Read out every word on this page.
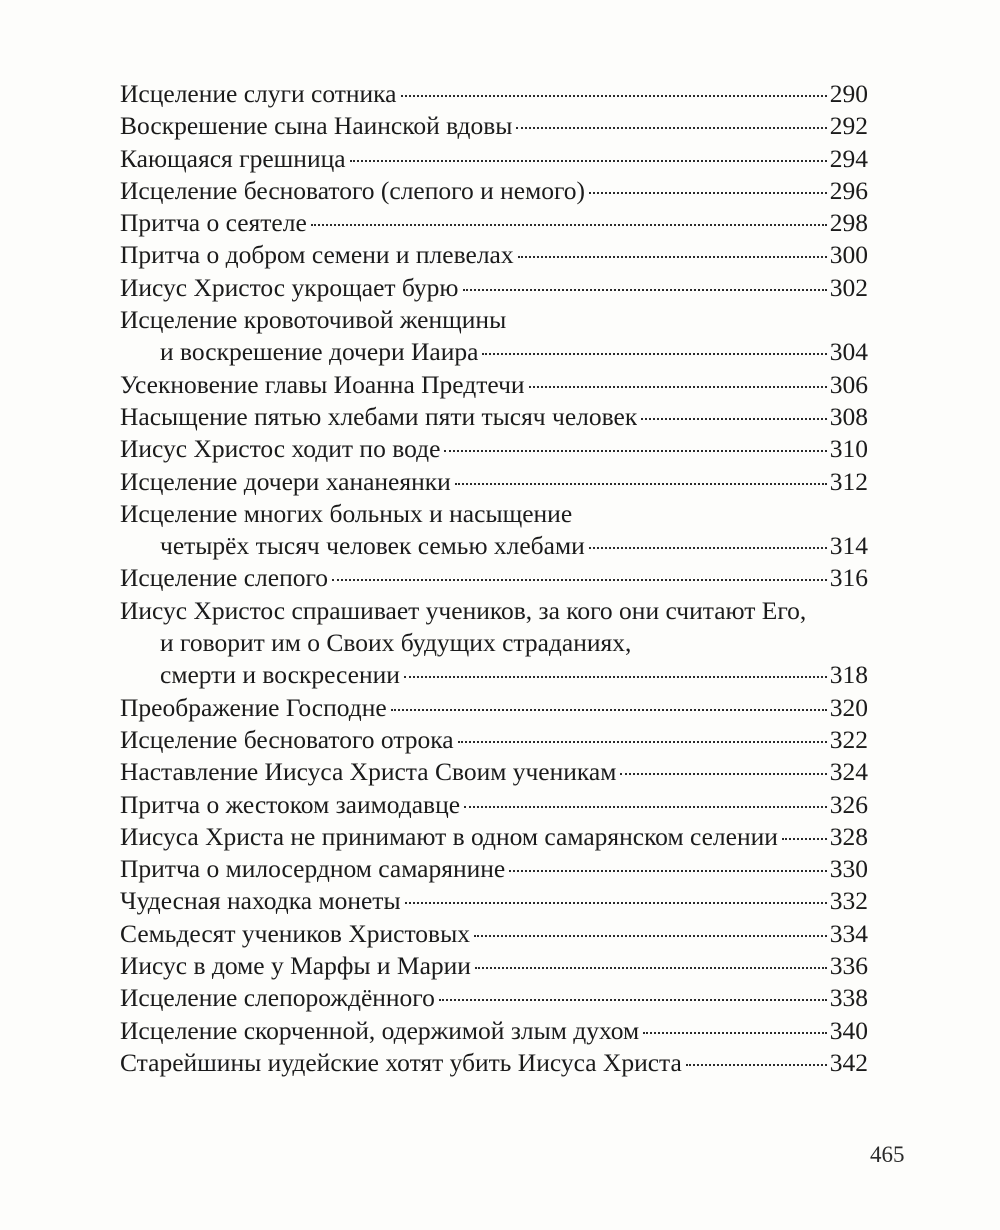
Исцеление слуги сотника	290
Воскрешение сына Наинской вдовы	292
Кающаяся грешница	294
Исцеление бесноватого (слепого и немого)	296
Притча о сеятеле	298
Притча о добром семени и плевелах	300
Иисус Христос укрощает бурю	302
Исцеление кровоточивой женщины
и воскрешение дочери Иаира	304
Усекновение главы Иоанна Предтечи	306
Насыщение пятью хлебами пяти тысяч человек	308
Иисус Христос ходит по воде	310
Исцеление дочери хананеянки	312
Исцеление многих больных и насыщение
четырёх тысяч человек семью хлебами	314
Исцеление слепого	316
Иисус Христос спрашивает учеников, за кого они считают Его,
и говорит им о Своих будущих страданиях,
смерти и воскресении	318
Преображение Господне	320
Исцеление бесноватого отрока	322
Наставление Иисуса Христа Своим ученикам	324
Притча о жестоком заимодавце	326
Иисуса Христа не принимают в одном самарянском селении 328
Притча о милосердном самарянине	330
Чудесная находка монеты	332
Семьдесят учеников Христовых	334
Иисус в доме у Марфы и Марии	336
Исцеление слепорождённого	338
Исцеление скорченной, одержимой злым духом	340
Старейшины иудейские хотят убить Иисуса Христа	342
465
